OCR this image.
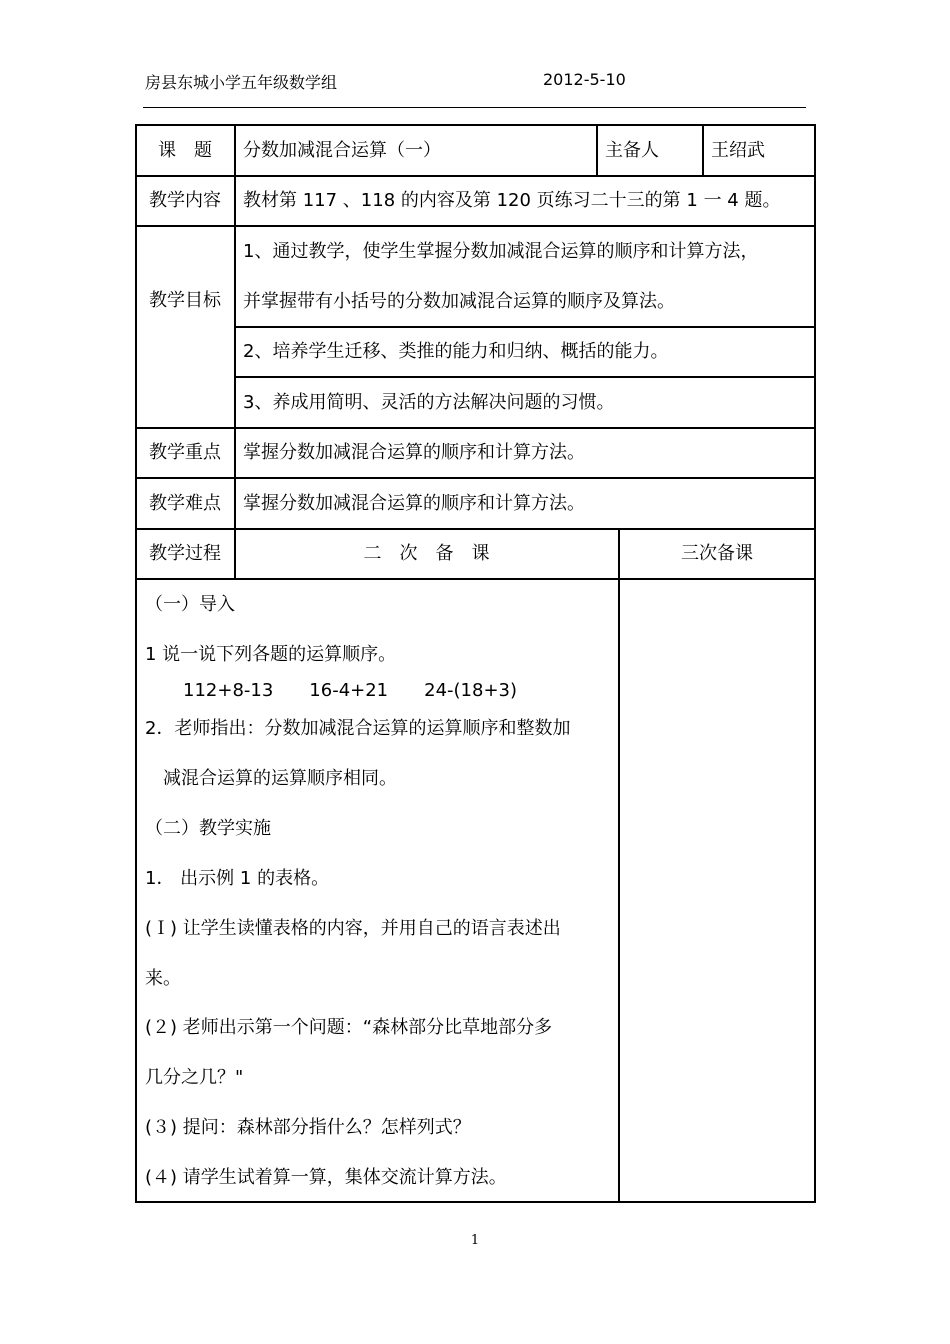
房县东城小学五年级数学组	2012-5-10
课　题	分数加减混合运算（一）	主备人	王绍武
教学内容	教材第 117 、118 的内容及第 120 页练习二十三的第 1 一 4 题。
教学目标
1、通过教学，使学生掌握分数加减混合运算的顺序和计算方法，
并掌握带有小括号的分数加减混合运算的顺序及算法。
2、培养学生迁移、类推的能力和归纳、概括的能力。
3、养成用简明、灵活的方法解决问题的习惯。
教学重点	掌握分数加减混合运算的顺序和计算方法。
教学难点	掌握分数加减混合运算的顺序和计算方法。
教学过程	二　次　备　课	三次备课
（一）导入
1 说一说下列各题的运算顺序。
112+8-13　　16-4+21　　24-(18+3)
2．老师指出：分数加减混合运算的运算顺序和整数加
减混合运算的运算顺序相同。
（二）教学实施
1． 出示例 1 的表格。
(Ｉ) 让学生读懂表格的内容，并用自己的语言表述出
来。
(２) 老师出示第一个问题：“森林部分比草地部分多
几分之几？"
(３) 提问：森林部分指什么？怎样列式？
(４) 请学生试着算一算，集体交流计算方法。
1
